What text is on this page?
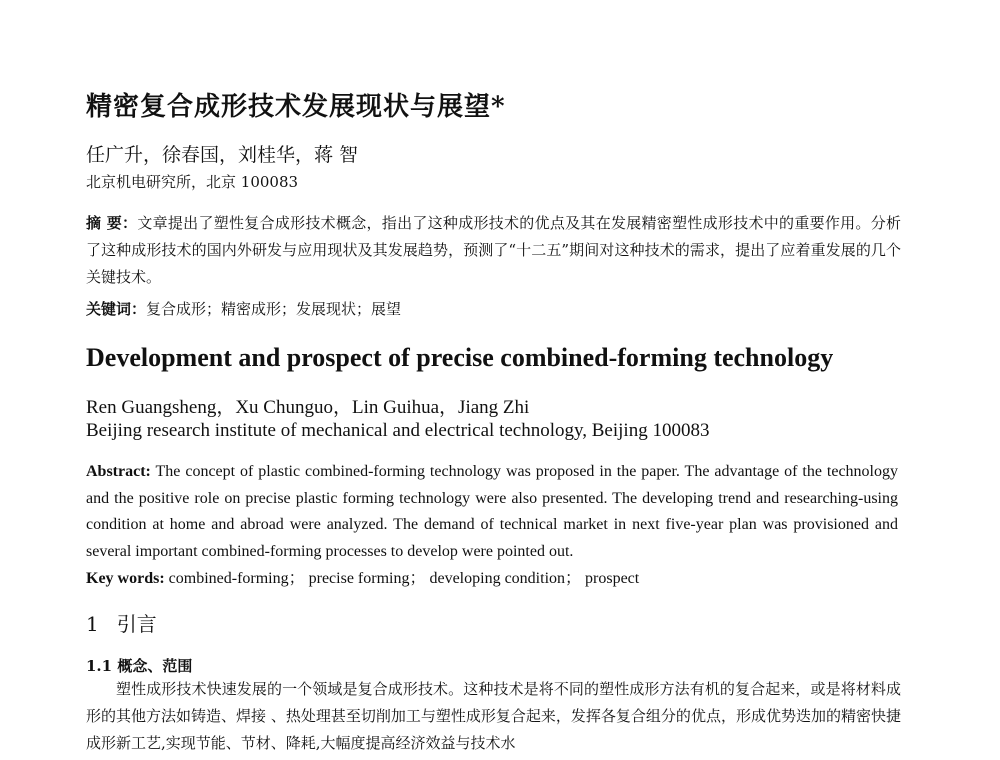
精密复合成形技术发展现状与展望*
任广升，徐春国，刘桂华，蒋 智
北京机电研究所，北京 100083
摘 要：文章提出了塑性复合成形技术概念，指出了这种成形技术的优点及其在发展精密塑性成形技术中的重要作用。分析了这种成形技术的国内外研发与应用现状及其发展趋势，预测了“十二五”期间对这种技术的需求，提出了应着重发展的几个关键技术。
关键词：复合成形；精密成形；发展现状；展望
Development and prospect of precise combined-forming technology
Ren Guangsheng，Xu Chunguo，Lin Guihua，Jiang Zhi
Beijing research institute of mechanical and electrical technology, Beijing 100083
Abstract: The concept of plastic combined-forming technology was proposed in the paper. The advantage of the technology and the positive role on precise plastic forming technology were also presented. The developing trend and researching-using condition at home and abroad were analyzed. The demand of technical market in next five-year plan was provisioned and several important combined-forming processes to develop were pointed out.
Key words: combined-forming； precise forming； developing condition； prospect
1 引言
1.1 概念、范围
塑性成形技术快速发展的一个领域是复合成形技术。这种技术是将不同的塑性成形方法有机的复合起来，或是将材料成形的其他方法如铸造、焊接 、热处理甚至切削加工与塑性成形复合起来，发挥各复合组分的优点，形成优势迭加的精密快捷成形新工艺,实现节能、节材、降耗,大幅度提高经济效益与技术水
